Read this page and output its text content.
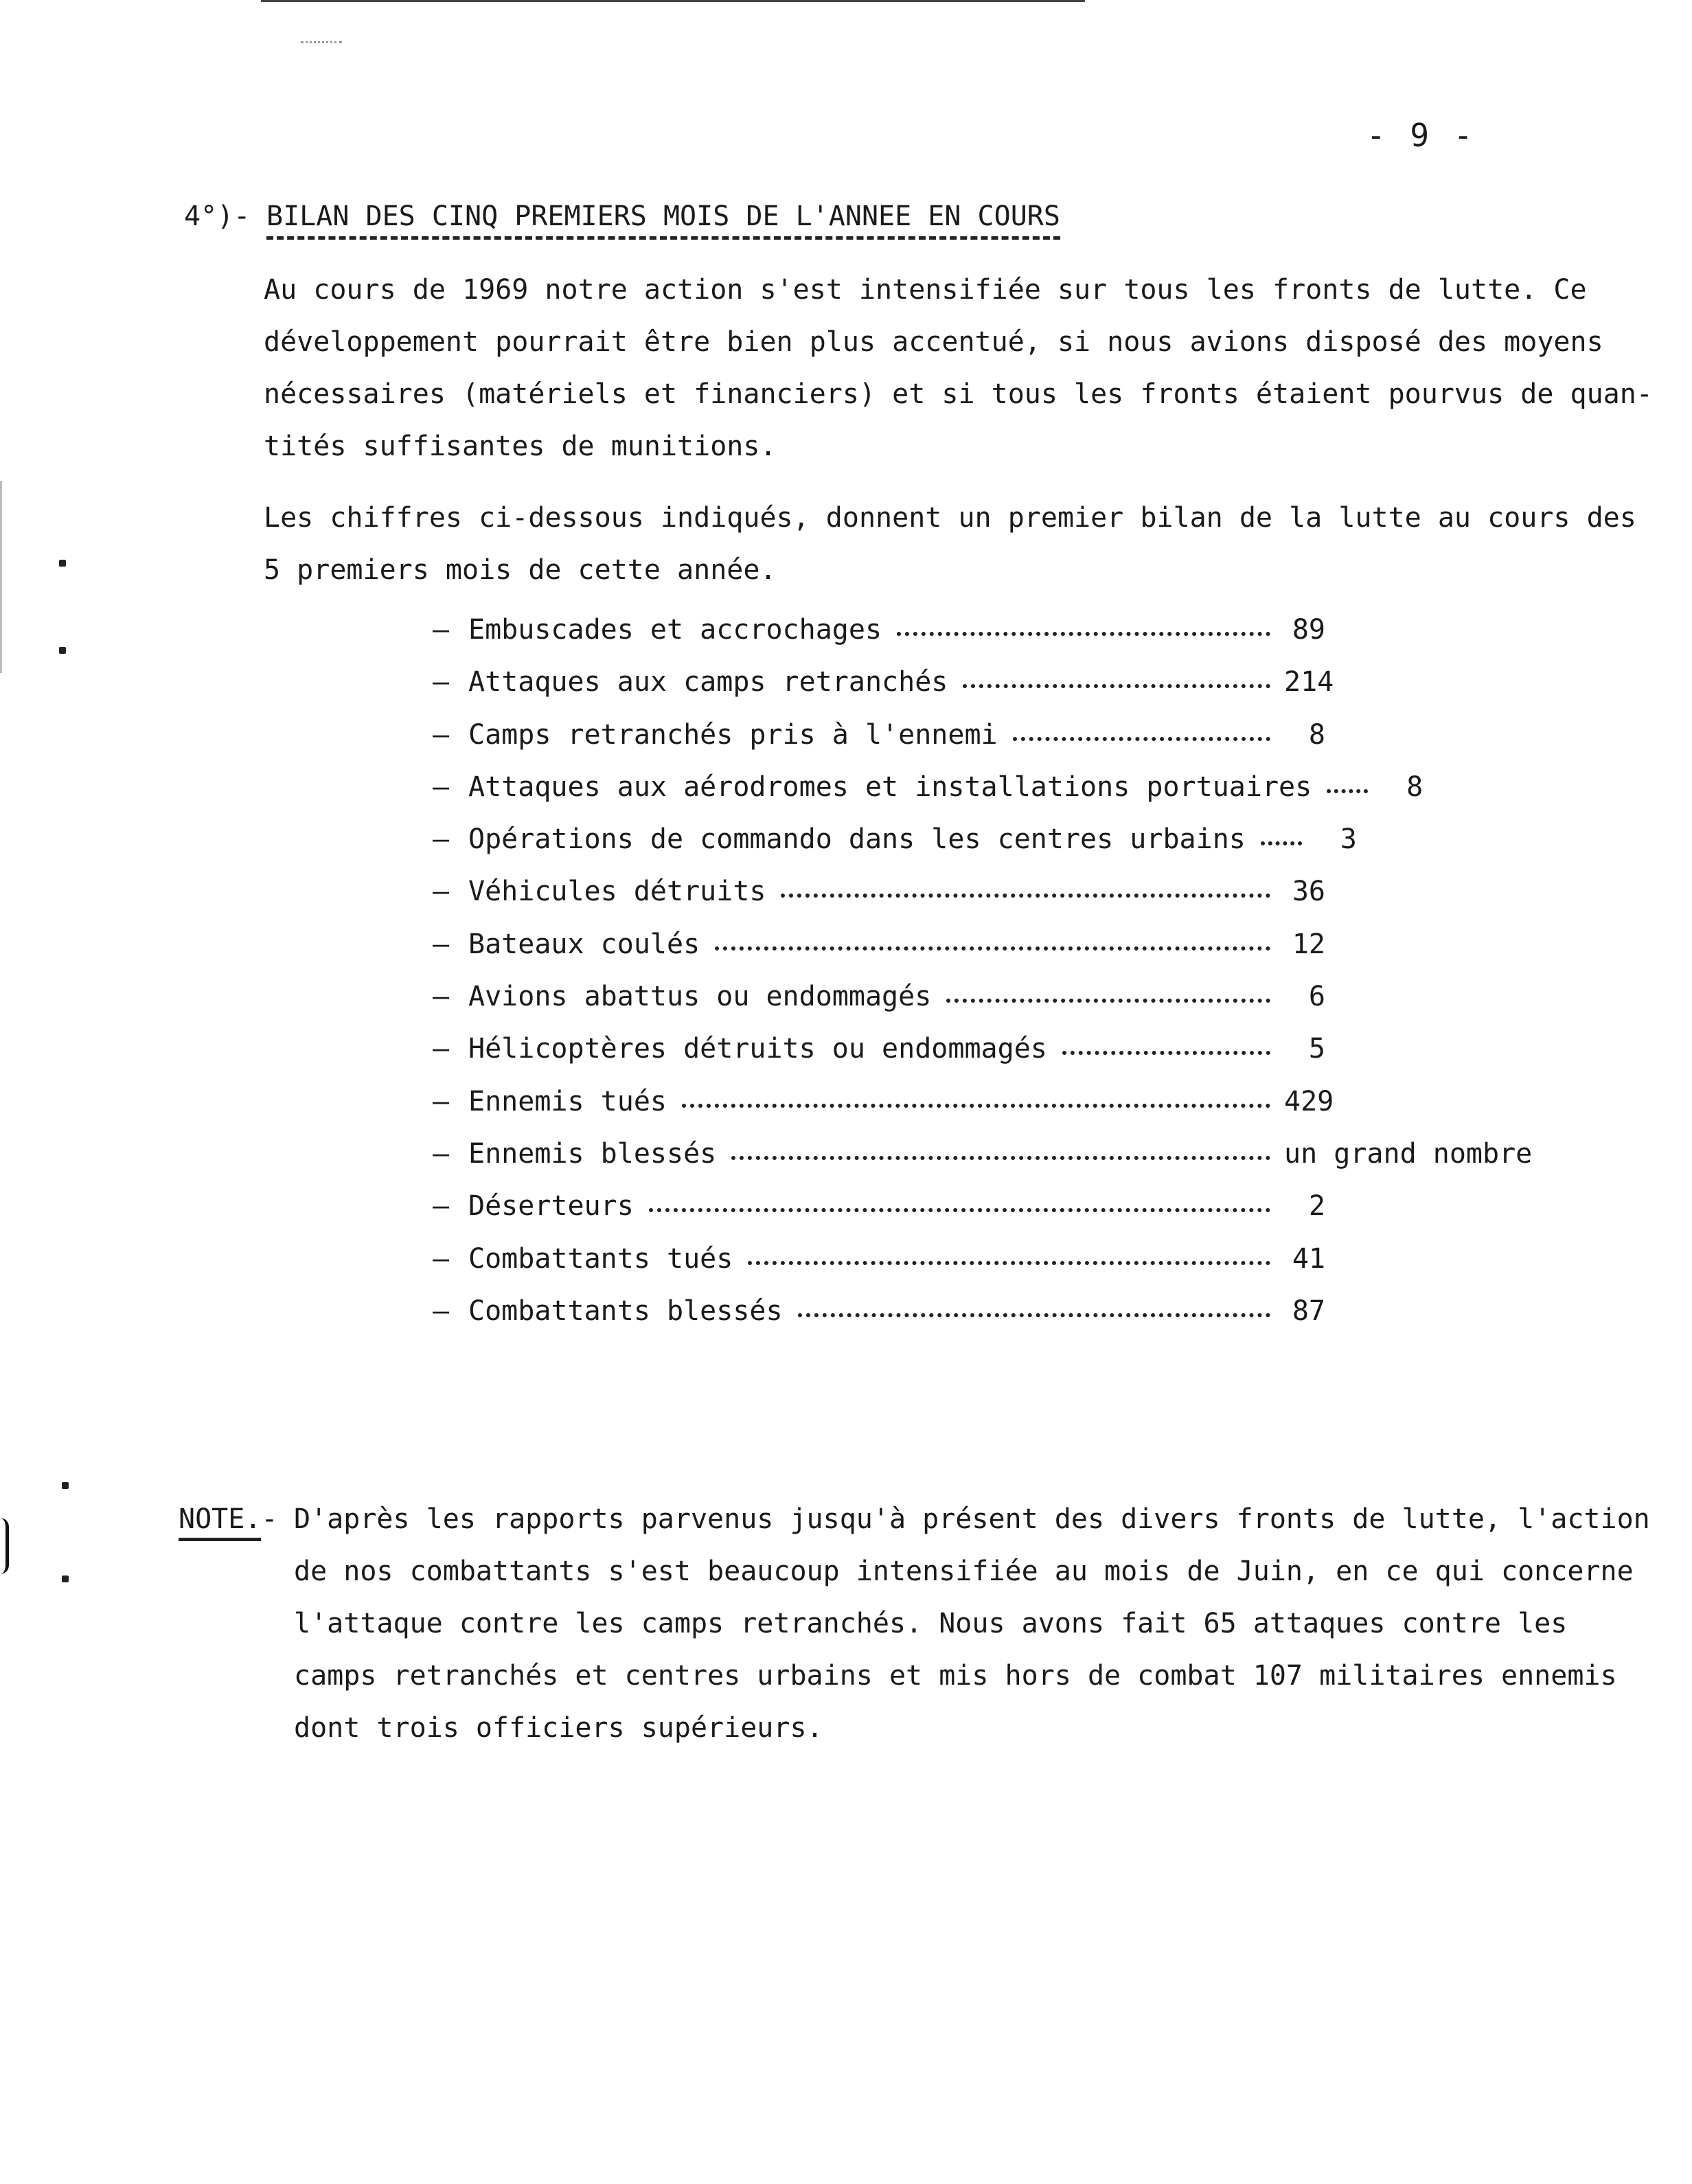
- 9 -
4°)- BILAN DES CINQ PREMIERS MOIS DE L'ANNEE EN COURS

Au cours de 1969 notre action s'est intensifiée sur tous les fronts de lutte. Ce
développement pourrait être bien plus accentué, si nous avions disposé des moyens
nécessaires (matériels et financiers) et si tous les fronts étaient pourvus de quan-
tités suffisantes de munitions.

Les chiffres ci-dessous indiqués, donnent un premier bilan de la lutte au cours des
5 premiers mois de cette année.

– Embuscades et accrochages	89
– Attaques aux camps retranchés	214
– Camps retranchés pris à l'ennemi	8
– Attaques aux aérodromes et installations portuaires	8
– Opérations de commando dans les centres urbains	3
– Véhicules détruits	36
– Bateaux coulés	12
– Avions abattus ou endommagés	6
– Hélicoptères détruits ou endommagés	5
– Ennemis tués	429
– Ennemis blessés	un grand nombre
– Déserteurs	2
– Combattants tués	41
– Combattants blessés	87
NOTE.- D'après les rapports parvenus jusqu'à présent des divers fronts de lutte, l'action
de nos combattants s'est beaucoup intensifiée au mois de Juin, en ce qui concerne
l'attaque contre les camps retranchés. Nous avons fait 65 attaques contre les
camps retranchés et centres urbains et mis hors de combat 107 militaires ennemis
dont trois officiers supérieurs.
